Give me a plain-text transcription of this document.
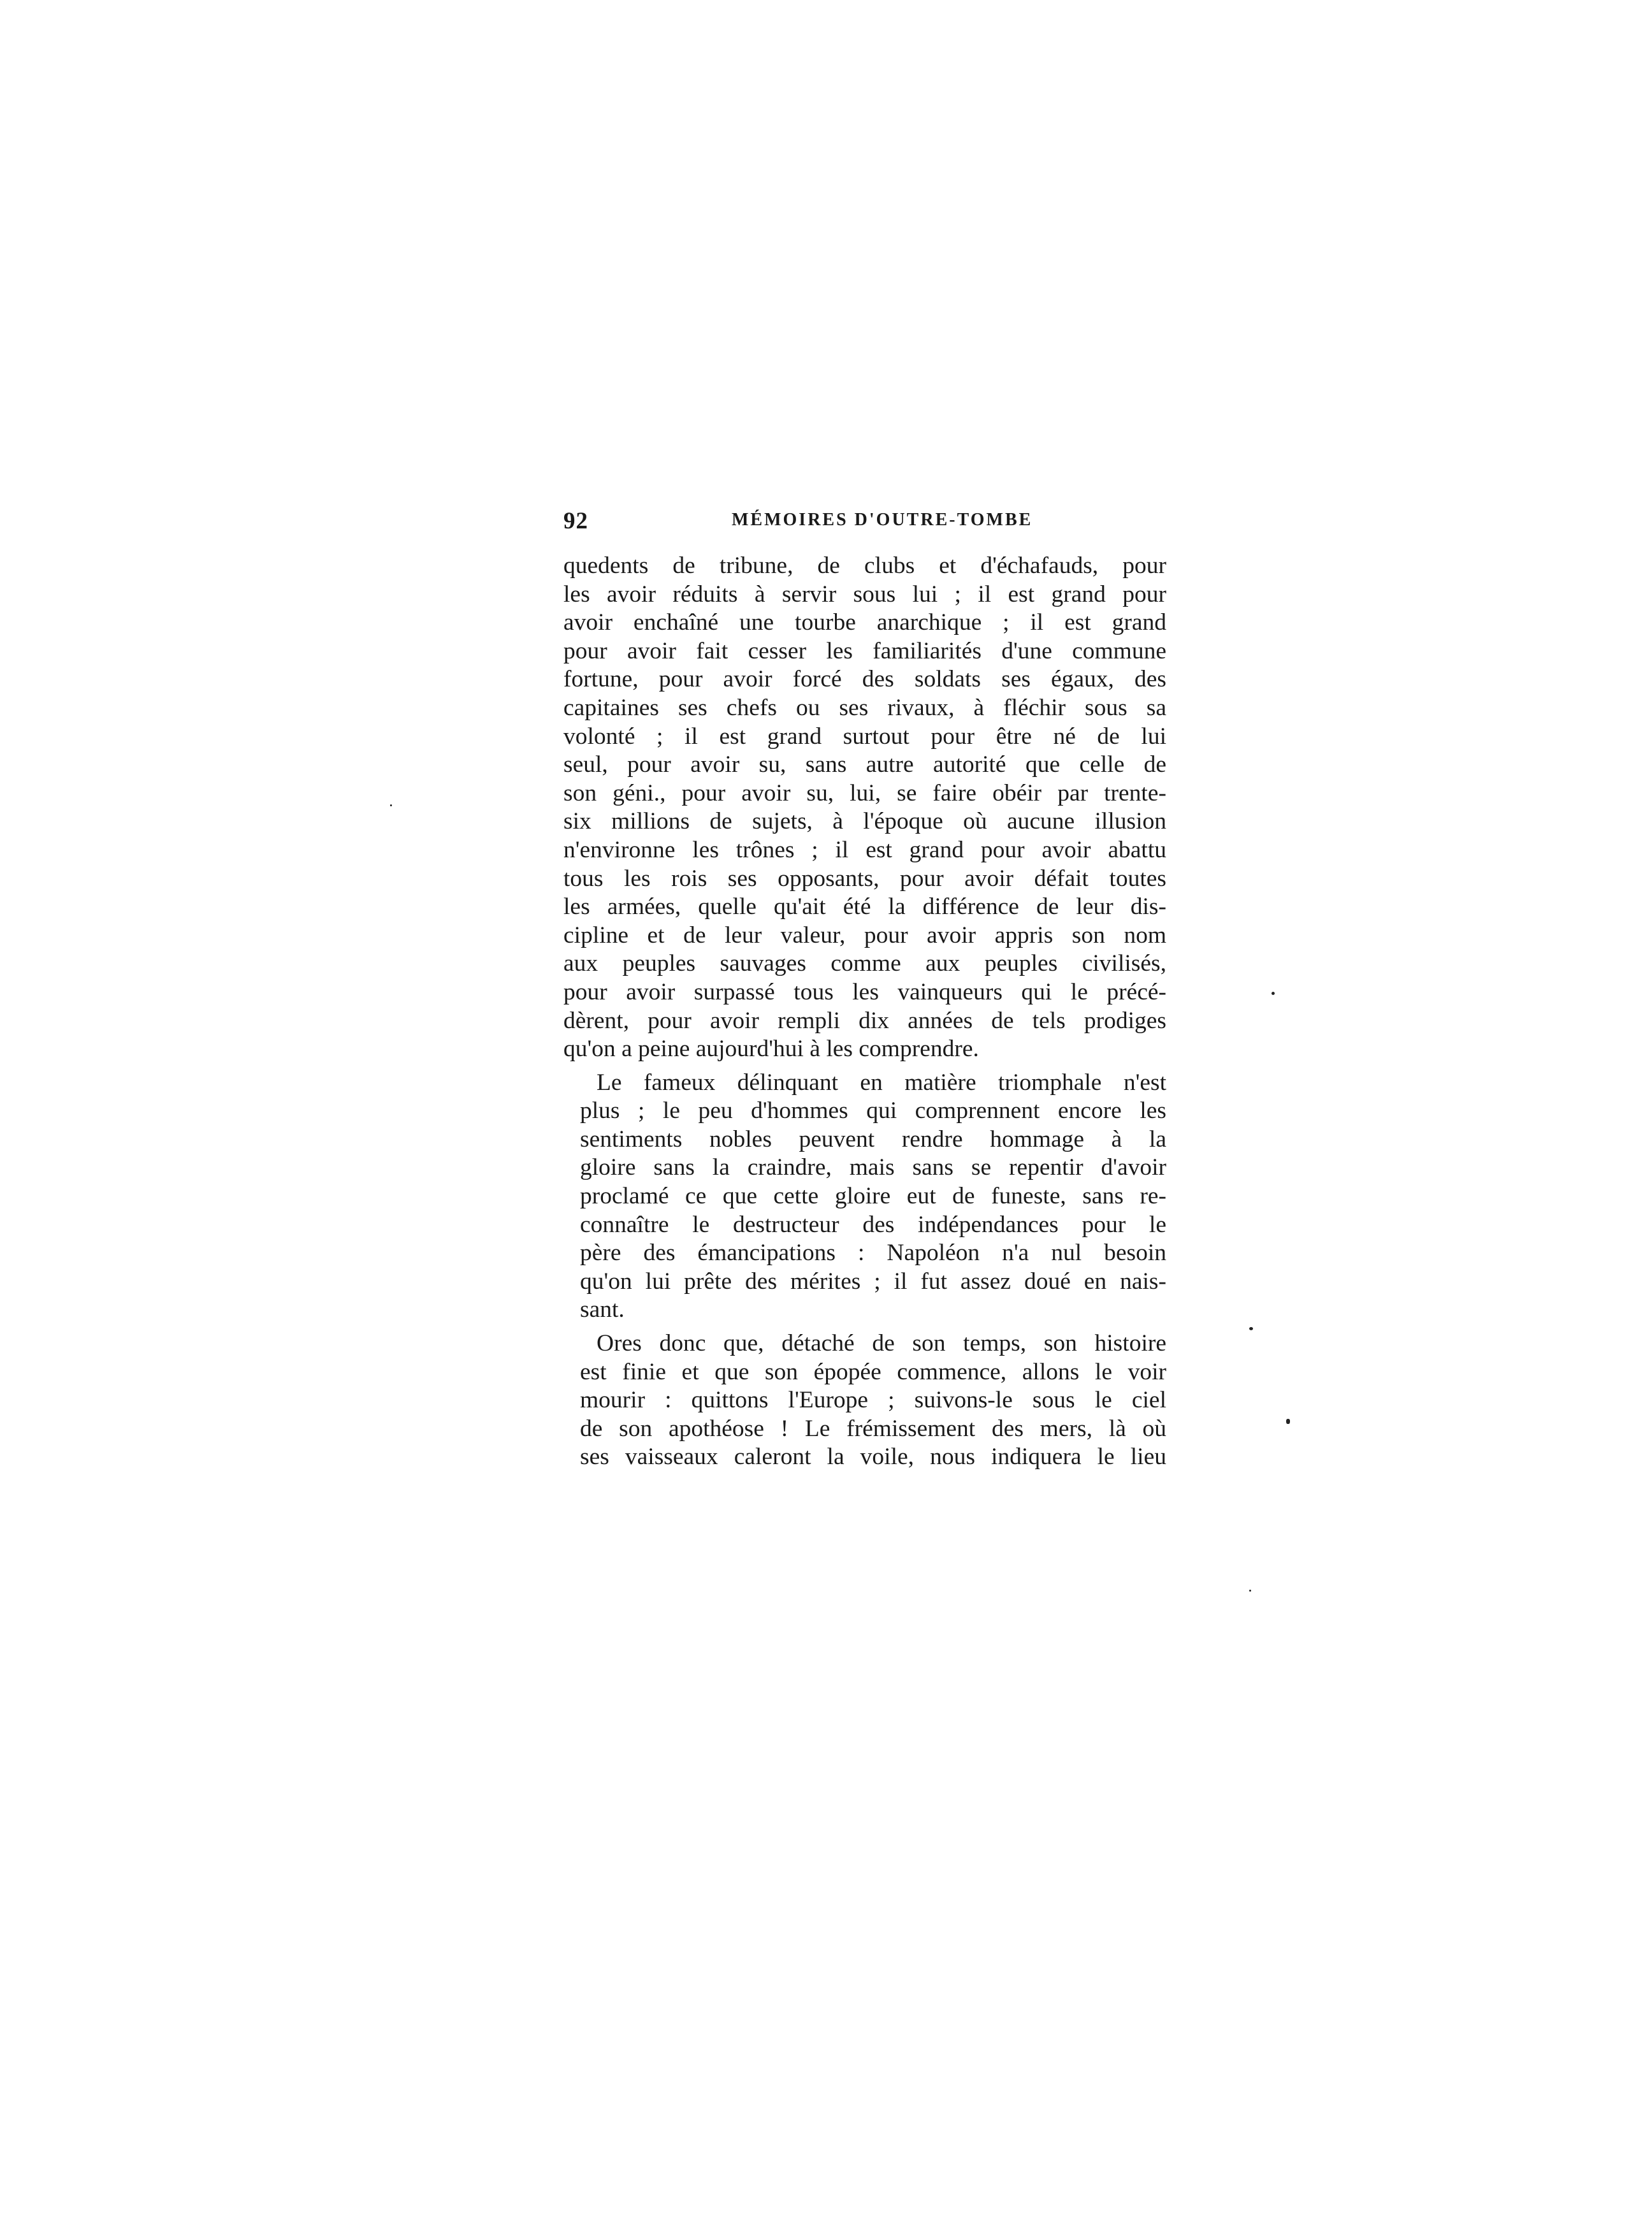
92	MÉMOIRES D'OUTRE-TOMBE

quedents de tribune, de clubs et d'échafauds, pour
les avoir réduits à servir sous lui ; il est grand pour
avoir enchaîné une tourbe anarchique ; il est grand
pour avoir fait cesser les familiarités d'une commune
fortune, pour avoir forcé des soldats ses égaux, des
capitaines ses chefs ou ses rivaux, à fléchir sous sa
volonté ; il est grand surtout pour être né de lui
seul, pour avoir su, sans autre autorité que celle de
son géni., pour avoir su, lui, se faire obéir par trente-
six millions de sujets, à l'époque où aucune illusion
n'environne les trônes ; il est grand pour avoir abattu
tous les rois ses opposants, pour avoir défait toutes
les armées, quelle qu'ait été la différence de leur dis-
cipline et de leur valeur, pour avoir appris son nom
aux peuples sauvages comme aux peuples civilisés,
pour avoir surpassé tous les vainqueurs qui le précé-
dèrent, pour avoir rempli dix années de tels prodiges
qu'on a peine aujourd'hui à les comprendre.

Le fameux délinquant en matière triomphale n'est
plus ; le peu d'hommes qui comprennent encore les
sentiments nobles peuvent rendre hommage à la
gloire sans la craindre, mais sans se repentir d'avoir
proclamé ce que cette gloire eut de funeste, sans re-
connaître le destructeur des indépendances pour le
père des émancipations : Napoléon n'a nul besoin
qu'on lui prête des mérites ; il fut assez doué en nais-
sant.

Ores donc que, détaché de son temps, son histoire
est finie et que son épopée commence, allons le voir
mourir : quittons l'Europe ; suivons-le sous le ciel
de son apothéose ! Le frémissement des mers, là où
ses vaisseaux caleront la voile, nous indiquera le lieu
